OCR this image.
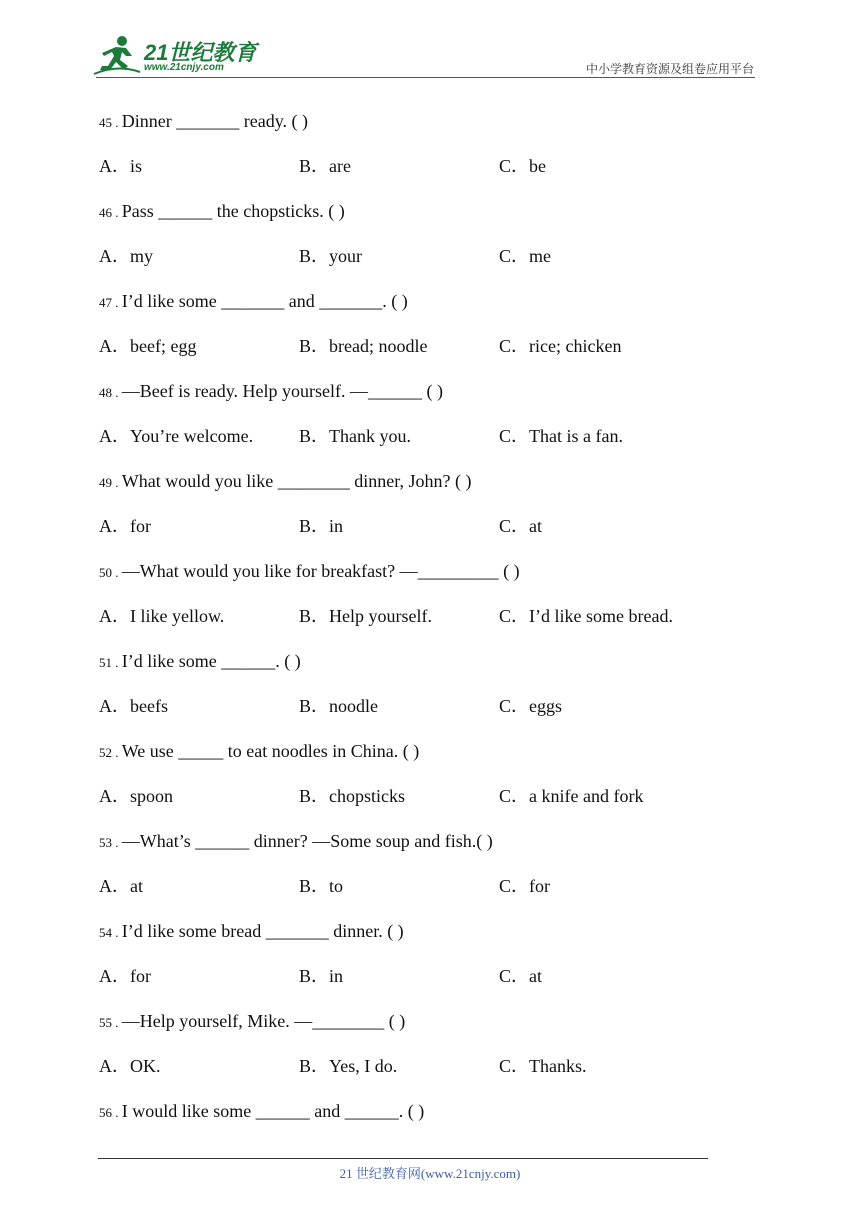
21世纪教育
www.21cnjy.com	中小学教育资源及组卷应用平台
45 . Dinner _______ ready. ( )
A．is	B．are	C．be
46 . Pass ______ the chopsticks. ( )
A．my	B．your	C．me
47 . I’d like some _______ and _______. ( )
A．beef; egg	B．bread; noodle	C．rice; chicken
48 . —Beef is ready. Help yourself. —______ ( )
A．You’re welcome.	B．Thank you.	C．That is a fan.
49 . What would you like ________ dinner, John? ( )
A．for	B．in	C．at
50 . —What would you like for breakfast? —_________ ( )
A．I like yellow.	B．Help yourself.	C．I’d like some bread.
51 . I’d like some ______. ( )
A．beefs	B．noodle	C．eggs
52 . We use _____ to eat noodles in China. ( )
A．spoon	B．chopsticks	C．a knife and fork
53 . —What’s ______ dinner? —Some soup and fish.( )
A．at	B．to	C．for
54 . I’d like some bread _______ dinner. ( )
A．for	B．in	C．at
55 . —Help yourself, Mike. —________ ( )
A．OK.	B．Yes, I do.	C．Thanks.
56 . I would like some ______ and ______. ( )
21 世纪教育网(www.21cnjy.com)
